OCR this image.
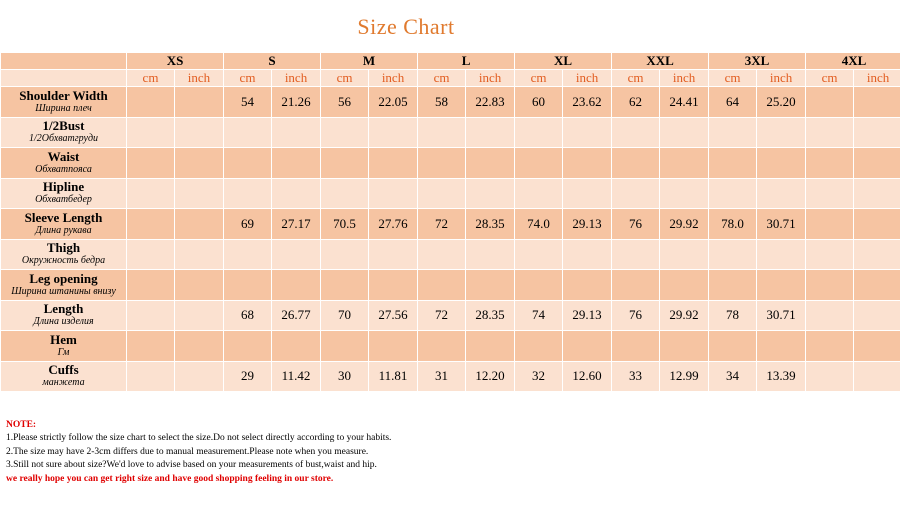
Size Chart
	XS		S		M		L		XL		XXL		3XL		4XL	
	cm	inch	cm	inch	cm	inch	cm	inch	cm	inch	cm	inch	cm	inch	cm	inch

Shoulder Width
Ширина плеч			54	21.26	56	22.05	58	22.83	60	23.62	62	24.41	64	25.20		

1/2Bust
1/2Обхватгруди																

Waist
Обхватпояса																

Hipline
Обхватбедер																

Sleeve Length
Длина рукава			69	27.17	70.5	27.76	72	28.35	74.0	29.13	76	29.92	78.0	30.71		

Thigh
Окружность бедра																

Leg opening
Ширина штанины внизу																

Length
Длина изделия			68	26.77	70	27.56	72	28.35	74	29.13	76	29.92	78	30.71		

Hem
Гм																

Cuffs
манжета			29	11.42	30	11.81	31	12.20	32	12.60	33	12.99	34	13.39		
NOTE:
1.Please strictly follow the size chart to select the size.Do not select directly according to your habits.
2.The size may have 2-3cm differs due to manual measurement.Please note when you measure.
3.Still not sure about size?We'd love to advise based on your measurements of bust,waist and hip.
we really hope you can get right size and have good shopping feeling in our store.
